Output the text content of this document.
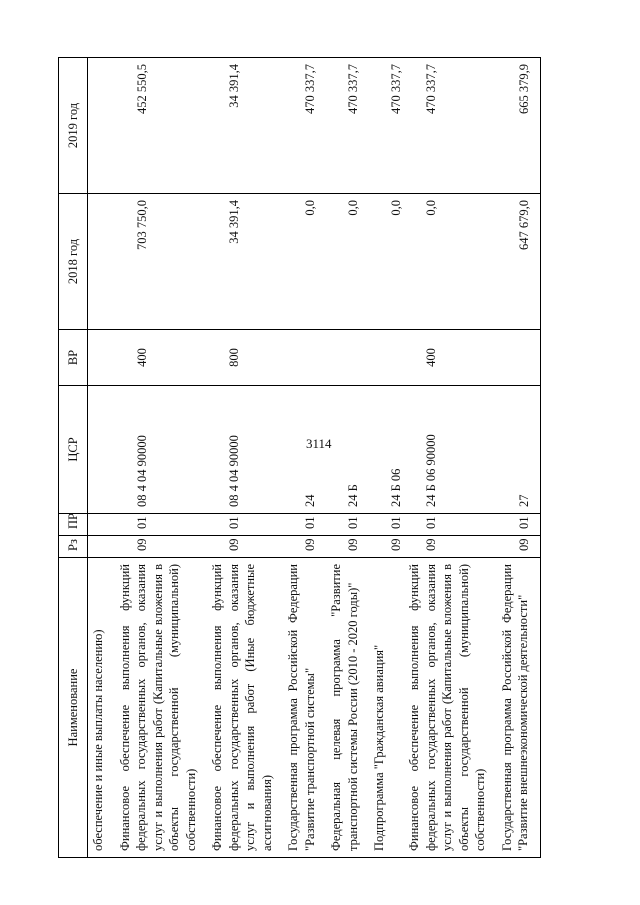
3114
Наименование	Рз	ПР	ЦСР	ВР	2018 год	2019 год
обеспечение и иные выплаты населению)						
Финансовое обеспечение выполнения функций федеральных государственных органов, оказания услуг и выполнения работ (Капитальные вложения в объекты государственной (муниципальной) собственности)	09	01	08 4 04 90000	400	703 750,0	452 550,5
Финансовое обеспечение выполнения функций федеральных государственных органов, оказания услуг и выполнения работ (Иные бюджетные ассигнования)	09	01	08 4 04 90000	800	34 391,4	34 391,4
Государственная программа Российской Федерации "Развитие транспортной системы"	09	01	24		0,0	470 337,7
Федеральная целевая программа "Развитие транспортной системы России (2010 - 2020 годы)"	09	01	24 Б		0,0	470 337,7
Подпрограмма "Гражданская авиация"	09	01	24 Б 06		0,0	470 337,7
Финансовое обеспечение выполнения функций федеральных государственных органов, оказания услуг и выполнения работ (Капитальные вложения в объекты государственной (муниципальной) собственности)	09	01	24 Б 06 90000	400	0,0	470 337,7
Государственная программа Российской Федерации "Развитие внешнеэкономической деятельности"	09	01	27		647 679,0	665 379,9
